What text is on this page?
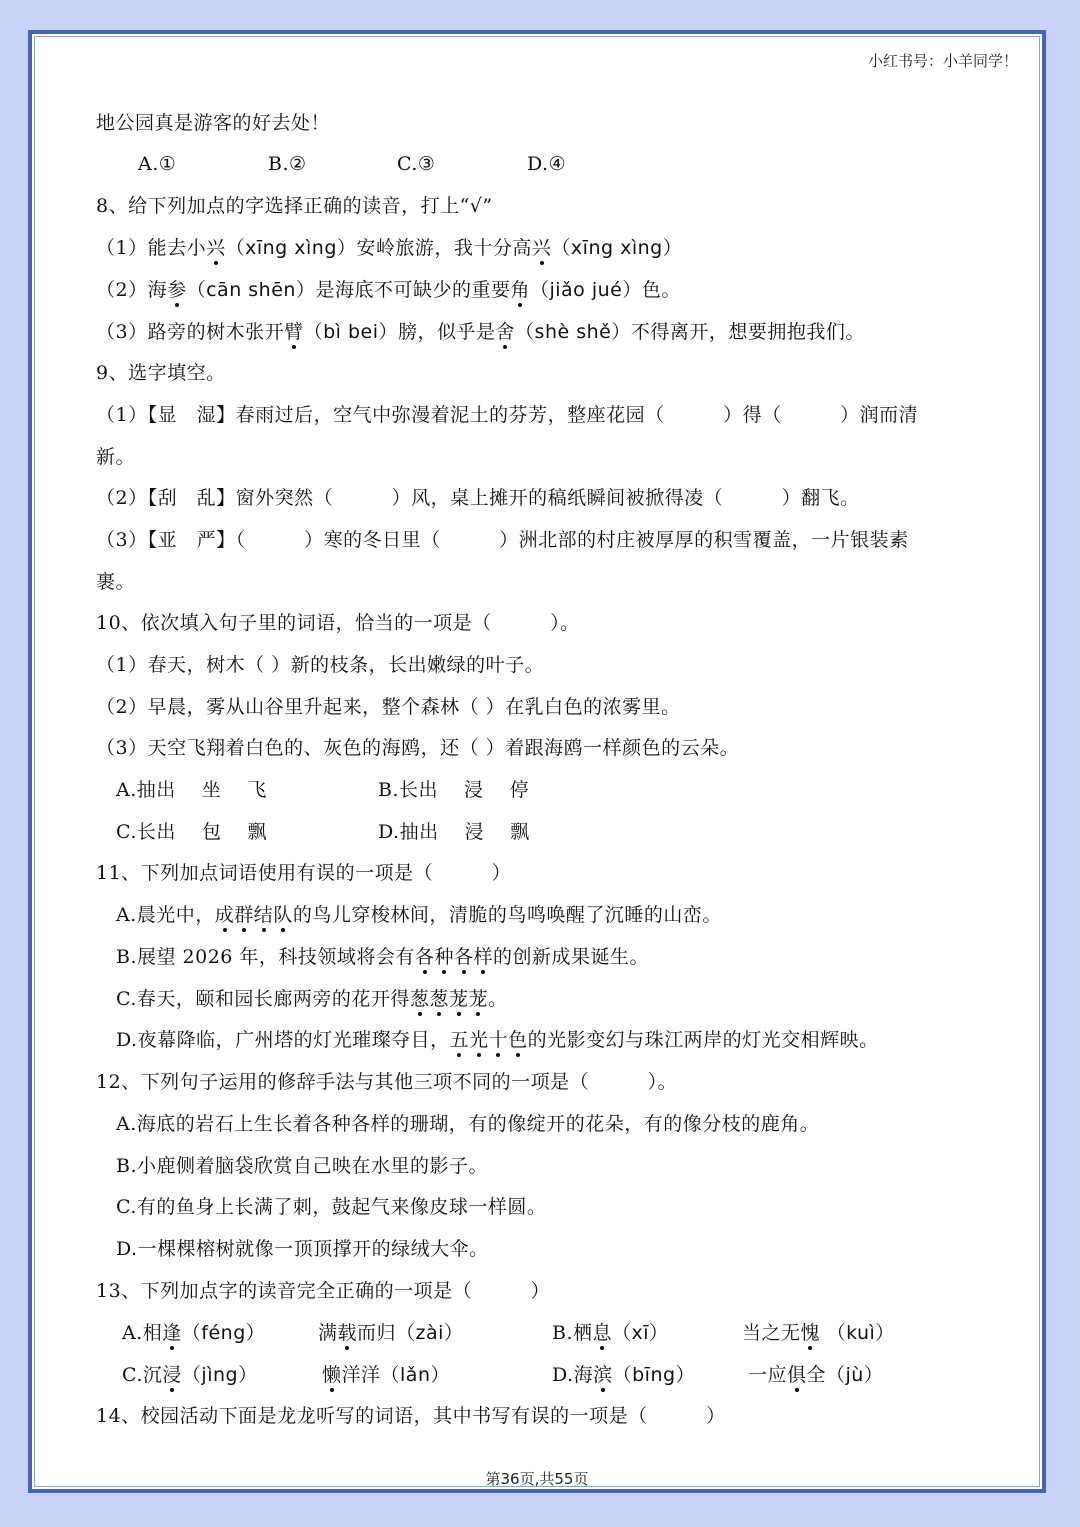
小红书号：小羊同学！
地公园真是游客的好去处！
A.①	B.②	C.③	D.④
8、给下列加点的字选择正确的读音，打上“√”
（1）能去小兴（xīng xìng）安岭旅游，我十分高兴（xīng xìng）
（2）海参（cān shēn）是海底不可缺少的重要角（jiǎo jué）色。
（3）路旁的树木张开臂（bì bei）膀，似乎是舍（shè shě）不得离开，想要拥抱我们。
9、选字填空。
（1）【显　湿】春雨过后，空气中弥漫着泥土的芬芳，整座花园（　　　）得（　　　）润而清
新。
（2）【刮　乱】窗外突然（　　　）风，桌上摊开的稿纸瞬间被掀得凌（　　　）翻飞。
（3）【亚　严】（　　　）寒的冬日里（　　　）洲北部的村庄被厚厚的积雪覆盖，一片银装素
裹。
10、依次填入句子里的词语，恰当的一项是（　　　）。
（1）春天，树木（ ）新的枝条，长出嫩绿的叶子。
（2）早晨，雾从山谷里升起来，整个森林（ ）在乳白色的浓雾里。
（3）天空飞翔着白色的、灰色的海鸥，还（ ）着跟海鸥一样颜色的云朵。
A.抽出　 坐　 飞	B.长出　 浸　 停
C.长出　 包　 飘	D.抽出　 浸　 飘
11、下列加点词语使用有误的一项是（　　　）
A.晨光中，成群结队的鸟儿穿梭林间，清脆的鸟鸣唤醒了沉睡的山峦。
B.展望 2026 年，科技领域将会有各种各样的创新成果诞生。
C.春天，颐和园长廊两旁的花开得葱葱茏茏。
D.夜幕降临，广州塔的灯光璀璨夺目，五光十色的光影变幻与珠江两岸的灯光交相辉映。
12、下列句子运用的修辞手法与其他三项不同的一项是（　　　）。
A.海底的岩石上生长着各种各样的珊瑚，有的像绽开的花朵，有的像分枝的鹿角。
B.小鹿侧着脑袋欣赏自己映在水里的影子。
C.有的鱼身上长满了刺，鼓起气来像皮球一样圆。
D.一棵棵榕树就像一顶顶撑开的绿绒大伞。
13、下列加点字的读音完全正确的一项是（　　　）
A.相逢（féng）	满载而归（zài）	B.栖息（xī）	当之无愧 （kuì）
C.沉浸（jìng）	懒洋洋（lǎn）	D.海滨（bīng）	一应俱全（jù）
14、校园活动下面是龙龙听写的词语，其中书写有误的一项是（　　　）
第36页,共55页
